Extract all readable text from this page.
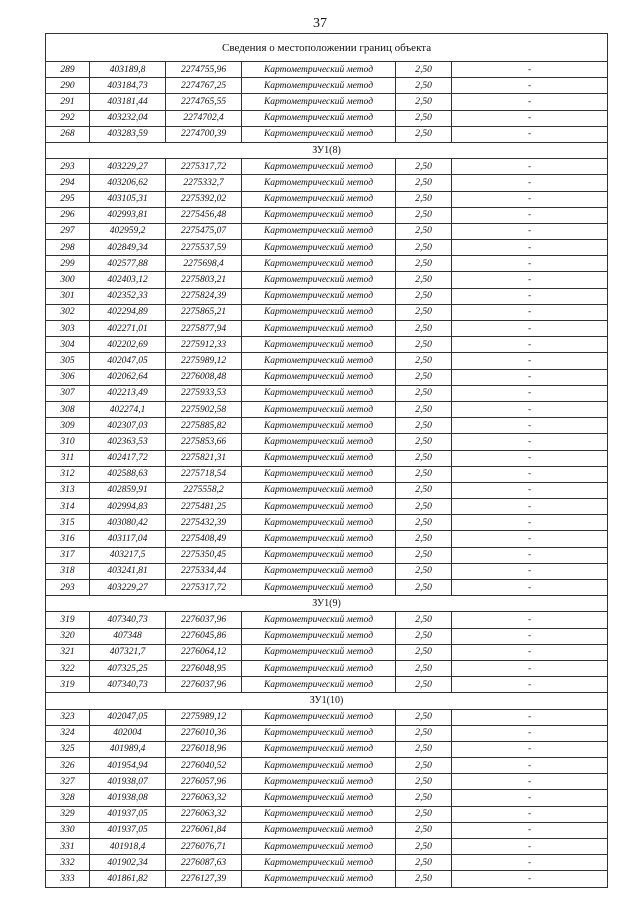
37
Сведения о местоположении границ объекта					
289	403189,8	2274755,96	Картометрический метод	2,50	-
290	403184,73	2274767,25	Картометрический метод	2,50	-
291	403181,44	2274765,55	Картометрический метод	2,50	-
292	403232,04	2274702,4	Картометрический метод	2,50	-
268	403283,59	2274700,39	Картометрический метод	2,50	-
ЗУ1(8)					
293	403229,27	2275317,72	Картометрический метод	2,50	-
294	403206,62	2275332,7	Картометрический метод	2,50	-
295	403105,31	2275392,02	Картометрический метод	2,50	-
296	402993,81	2275456,48	Картометрический метод	2,50	-
297	402959,2	2275475,07	Картометрический метод	2,50	-
298	402849,34	2275537,59	Картометрический метод	2,50	-
299	402577,88	2275698,4	Картометрический метод	2,50	-
300	402403,12	2275803,21	Картометрический метод	2,50	-
301	402352,33	2275824,39	Картометрический метод	2,50	-
302	402294,89	2275865,21	Картометрический метод	2,50	-
303	402271,01	2275877,94	Картометрический метод	2,50	-
304	402202,69	2275912,33	Картометрический метод	2,50	-
305	402047,05	2275989,12	Картометрический метод	2,50	-
306	402062,64	2276008,48	Картометрический метод	2,50	-
307	402213,49	2275933,53	Картометрический метод	2,50	-
308	402274,1	2275902,58	Картометрический метод	2,50	-
309	402307,03	2275885,82	Картометрический метод	2,50	-
310	402363,53	2275853,66	Картометрический метод	2,50	-
311	402417,72	2275821,31	Картометрический метод	2,50	-
312	402588,63	2275718,54	Картометрический метод	2,50	-
313	402859,91	2275558,2	Картометрический метод	2,50	-
314	402994,83	2275481,25	Картометрический метод	2,50	-
315	403080,42	2275432,39	Картометрический метод	2,50	-
316	403117,04	2275408,49	Картометрический метод	2,50	-
317	403217,5	2275350,45	Картометрический метод	2,50	-
318	403241,81	2275334,44	Картометрический метод	2,50	-
293	403229,27	2275317,72	Картометрический метод	2,50	-
ЗУ1(9)					
319	407340,73	2276037,96	Картометрический метод	2,50	-
320	407348	2276045,86	Картометрический метод	2,50	-
321	407321,7	2276064,12	Картометрический метод	2,50	-
322	407325,25	2276048,95	Картометрический метод	2,50	-
319	407340,73	2276037,96	Картометрический метод	2,50	-
ЗУ1(10)					
323	402047,05	2275989,12	Картометрический метод	2,50	-
324	402004	2276010,36	Картометрический метод	2,50	-
325	401989,4	2276018,96	Картометрический метод	2,50	-
326	401954,94	2276040,52	Картометрический метод	2,50	-
327	401938,07	2276057,96	Картометрический метод	2,50	-
328	401938,08	2276063,32	Картометрический метод	2,50	-
329	401937,05	2276063,32	Картометрический метод	2,50	-
330	401937,05	2276061,84	Картометрический метод	2,50	-
331	401918,4	2276076,71	Картометрический метод	2,50	-
332	401902,34	2276087,63	Картометрический метод	2,50	-
333	401861,82	2276127,39	Картометрический метод	2,50	-
